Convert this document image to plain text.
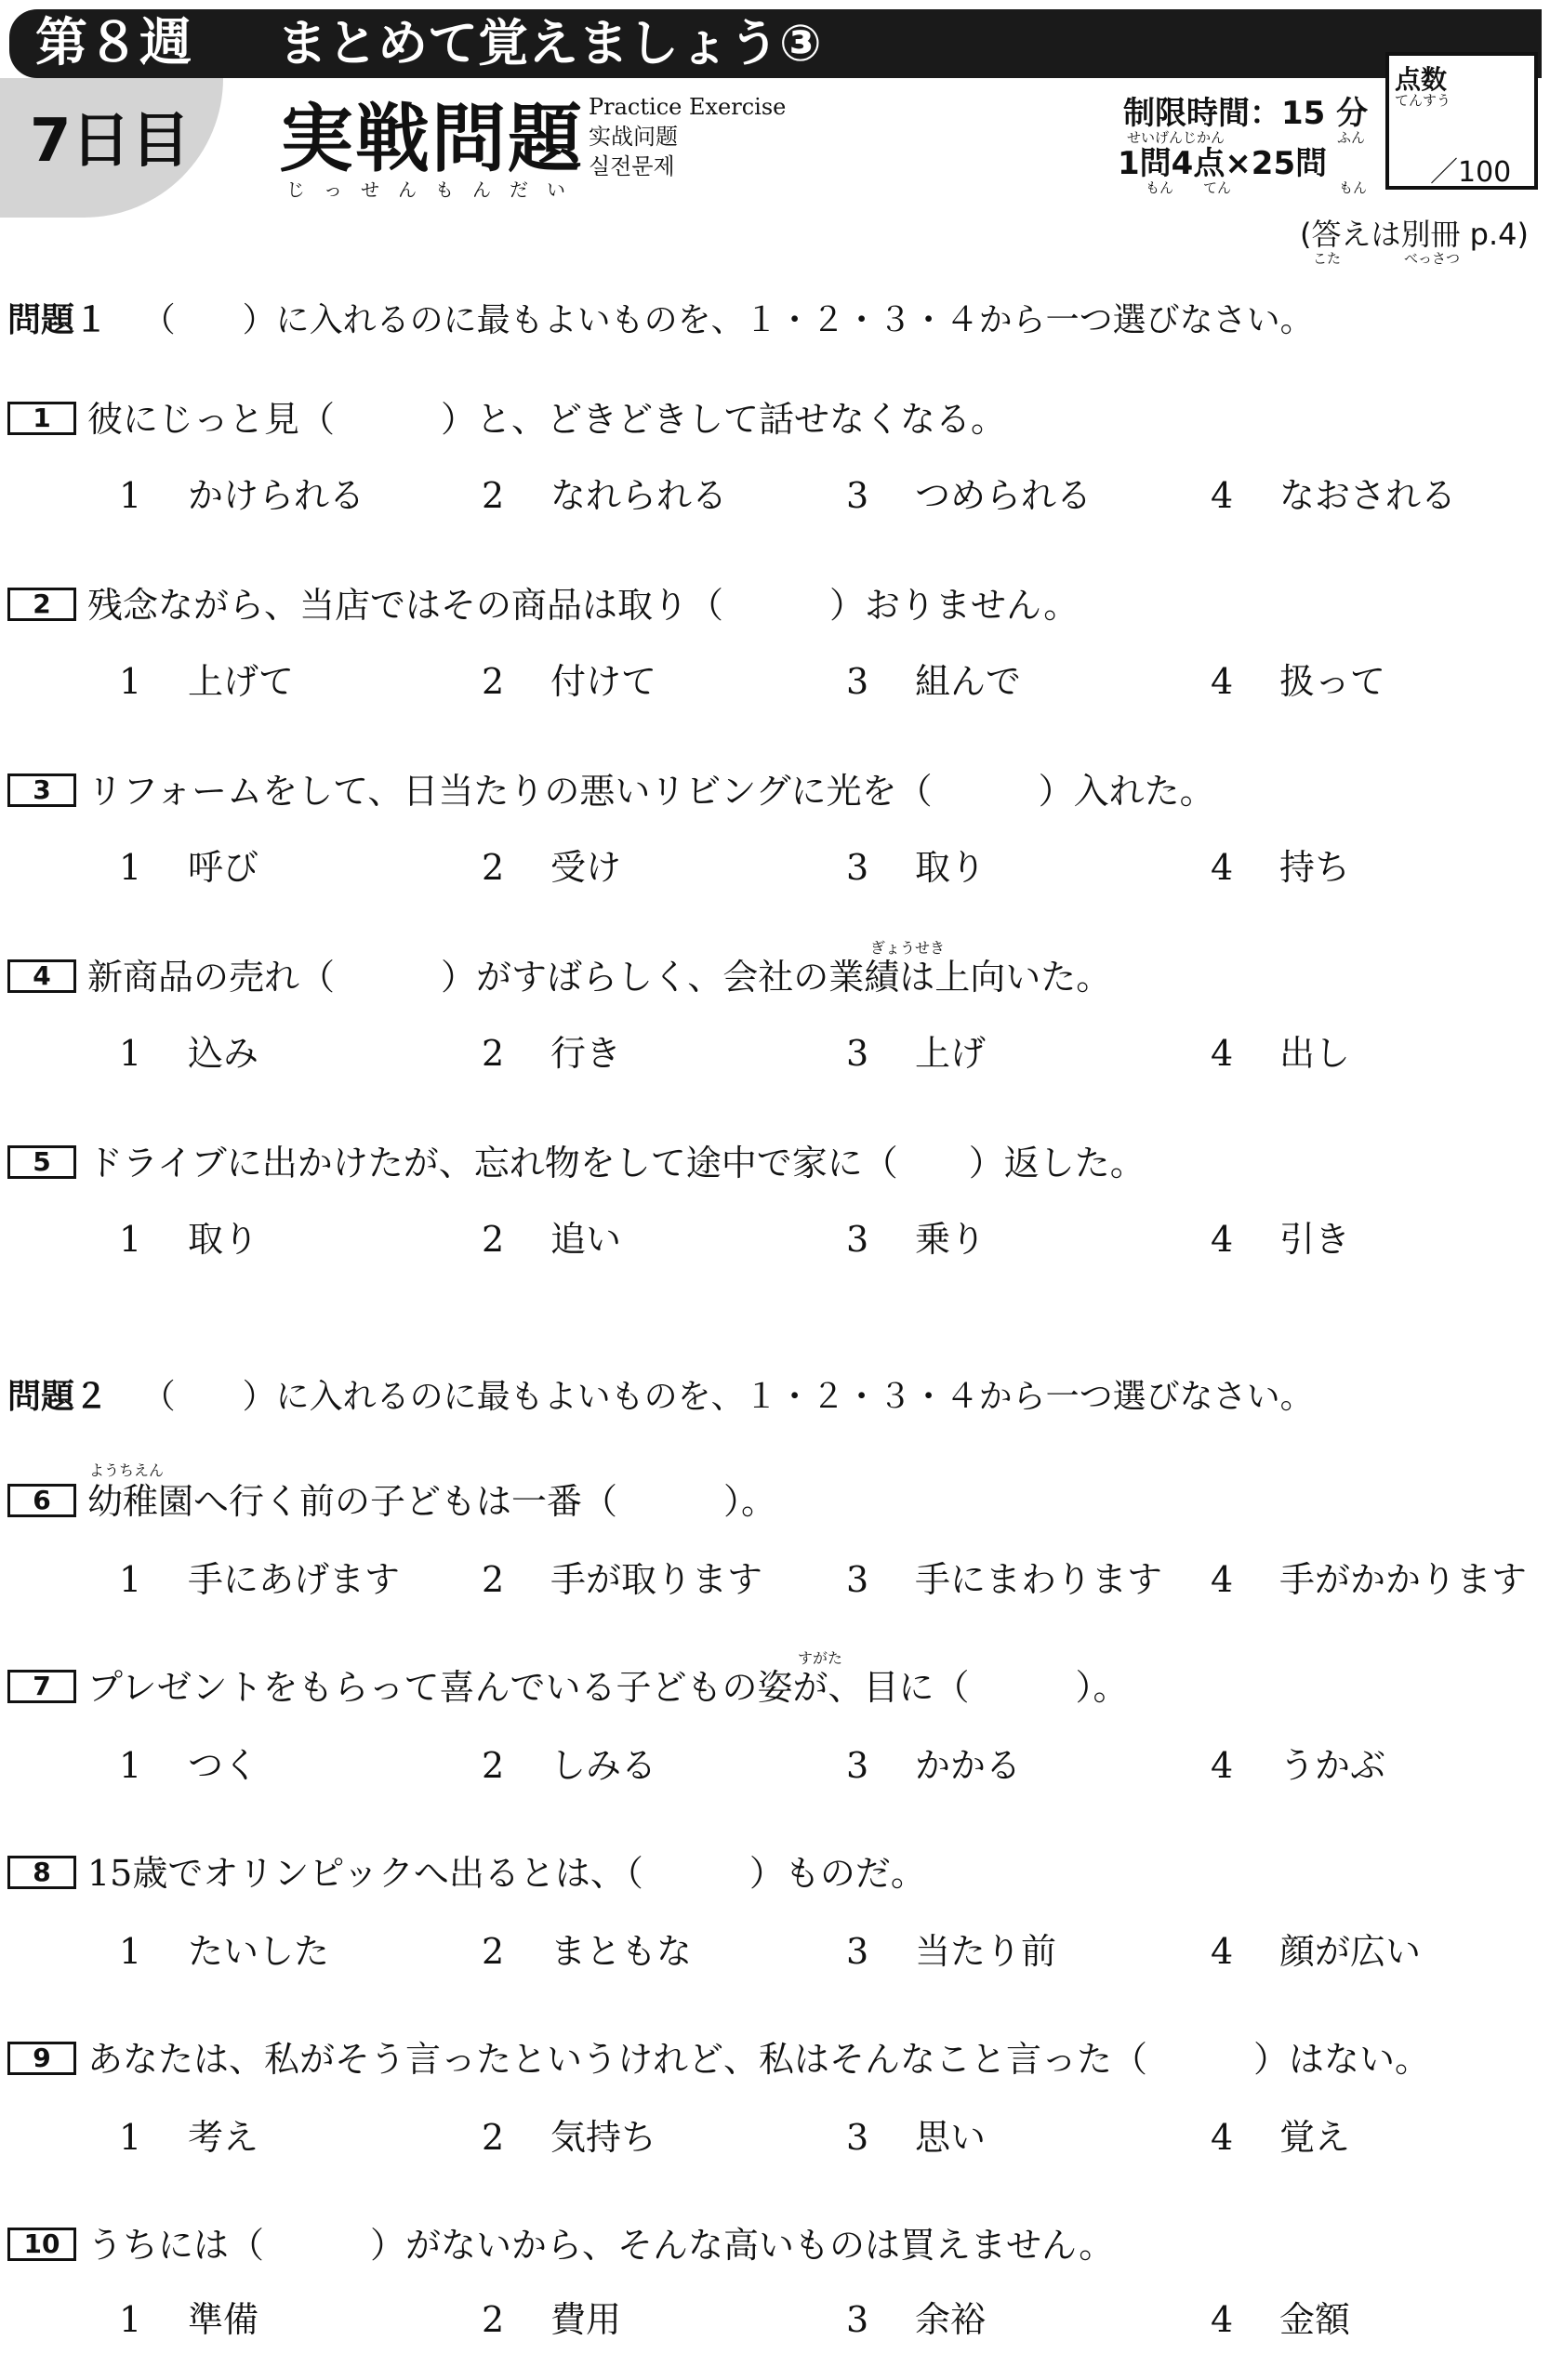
第８週 まとめて覚えましょう③
7日目 実戦問題
じっせんもんだい
Practice Exercise
实战问题
실전문제
制限時間：15 分
せいげんじかん	ふん
1問4点×25問
もん てん	もん
点数
てんすう
／100
(答えは別冊 p.4)
こた	べっさつ
問題１ （　　）に入れるのに最もよいものを、１・２・３・４から一つ選びなさい。
1	彼にじっと見（　　　）と、どきどきして話せなくなる。
1 かけられる	2 なれられる	3 つめられる	4 なおされる
2	残念ながら、当店ではその商品は取り（　　　）おりません。
1 上げて	2 付けて	3 組んで	4 扱って
3	リフォームをして、日当たりの悪いリビングに光を（　　　）入れた。
1 呼び	2 受け	3 取り	4 持ち
ぎょうせき
4	新商品の売れ（　　　）がすばらしく、会社の業績は上向いた。
1 込み	2 行き	3 上げ	4 出し
5	ドライブに出かけたが、忘れ物をして途中で家に（　　）返した。
1 取り	2 追い	3 乗り	4 引き
問題２ （　　）に入れるのに最もよいものを、１・２・３・４から一つ選びなさい。
ようちえん
6	幼稚園へ行く前の子どもは一番（　　　）。
1 手にあげます 2 手が取ります 3 手にまわります 4 手がかかります
すがた
7	プレゼントをもらって喜んでいる子どもの姿が、目に（　　　）。
1 つく	2 しみる	3 かかる	4 うかぶ
8	15歳でオリンピックへ出るとは、（　　　）ものだ。
1 たいした	2 まともな	3 当たり前	4 顔が広い
9	あなたは、私がそう言ったというけれど、私はそんなこと言った（　　　）はない。
1 考え	2 気持ち	3 思い	4 覚え
10 うちには（　　　）がないから、そんな高いものは買えません。
1 準備	2 費用	3 余裕	4 金額
